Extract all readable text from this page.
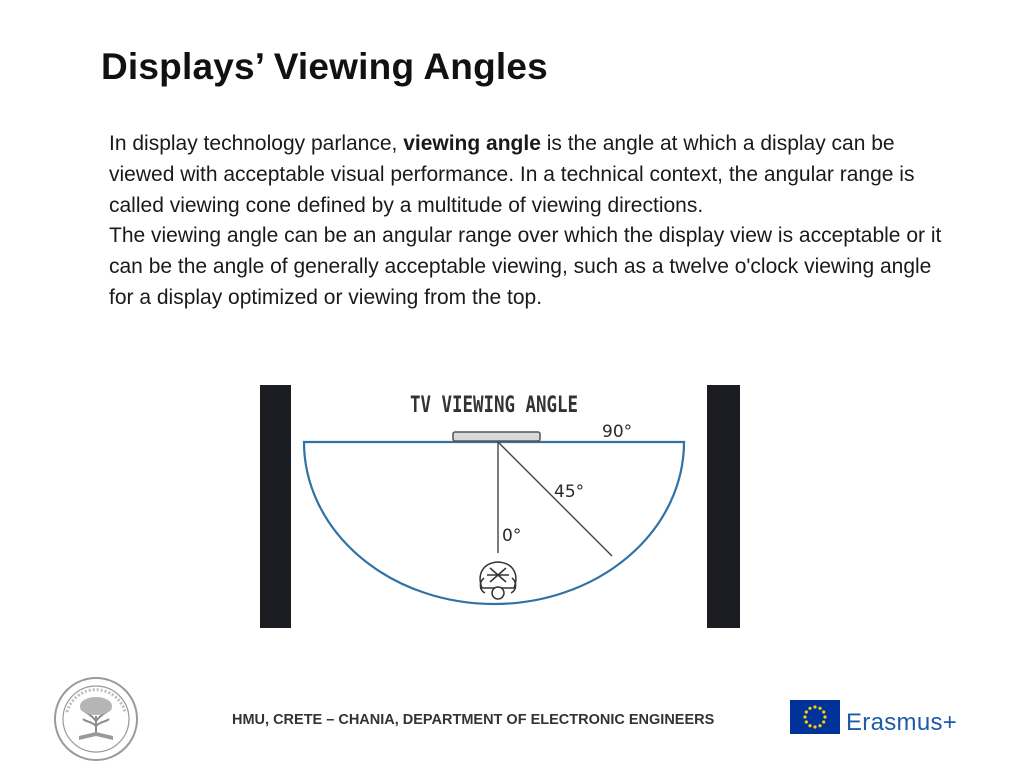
Displays’ Viewing Angles

In display technology parlance, viewing angle is the angle at which a display can be viewed with acceptable visual performance. In a technical context, the angular range is called viewing cone defined by a multitude of viewing directions.

The viewing angle can be an angular range over which the display view is acceptable or it can be the angle of generally acceptable viewing, such as a twelve o'clock viewing angle for a display optimized or viewing from the top.

TV VIEWING ANGLE
90°
45°
0°
HMU, CRETE – CHANIA, DEPARTMENT OF ELECTRONIC ENGINEERS	Erasmus+
